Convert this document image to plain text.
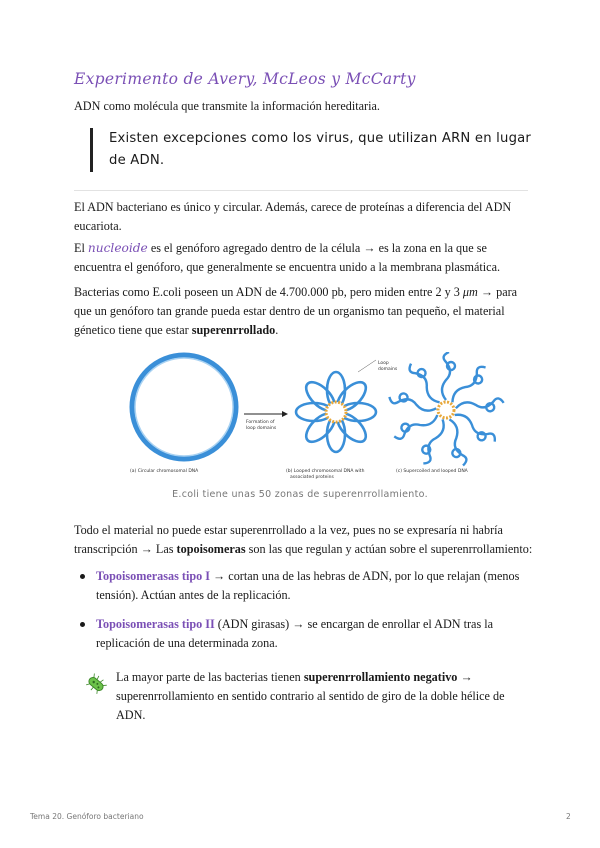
Experimento de Avery, McLeos y McCarty
ADN como molécula que transmite la información hereditaria.
Existen excepciones como los virus, que utilizan ARN en lugar de ADN.
El ADN bacteriano es único y circular. Además, carece de proteínas a diferencia del ADN eucariota.
El nucleoide es el genóforo agregado dentro de la célula → es la zona en la que se encuentra el genóforo, que generalmente se encuentra unido a la membrana plasmática.
Bacterias como E.coli poseen un ADN de 4.700.000 pb, pero miden entre 2 y 3 μm → para que un genóforo tan grande pueda estar dentro de un organismo tan pequeño, el material génetico tiene que estar superenrrollado.
(a) Circular chromosomal DNA
Formation of
loop domains
Loop
domains
(b) Looped chromosomal DNA with
associated proteins
(c) Supercoiled and looped DNA
E.coli tiene unas 50 zonas de superenrrollamiento.
Todo el material no puede estar superenrrollado a la vez, pues no se expresaría ni habría transcripción → Las topoisomeras son las que regulan y actúan sobre el superenrrollamiento:
Topoisomerasas tipo I → cortan una de las hebras de ADN, por lo que relajan (menos tensión). Actúan antes de la replicación.
Topoisomerasas tipo II (ADN girasas) → se encargan de enrollar el ADN tras la replicación de una determinada zona.
La mayor parte de las bacterias tienen superenrrollamiento negativo → superenrrollamiento en sentido contrario al sentido de giro de la doble hélice de ADN.
Tema 20. Genóforo bacteriano	2
